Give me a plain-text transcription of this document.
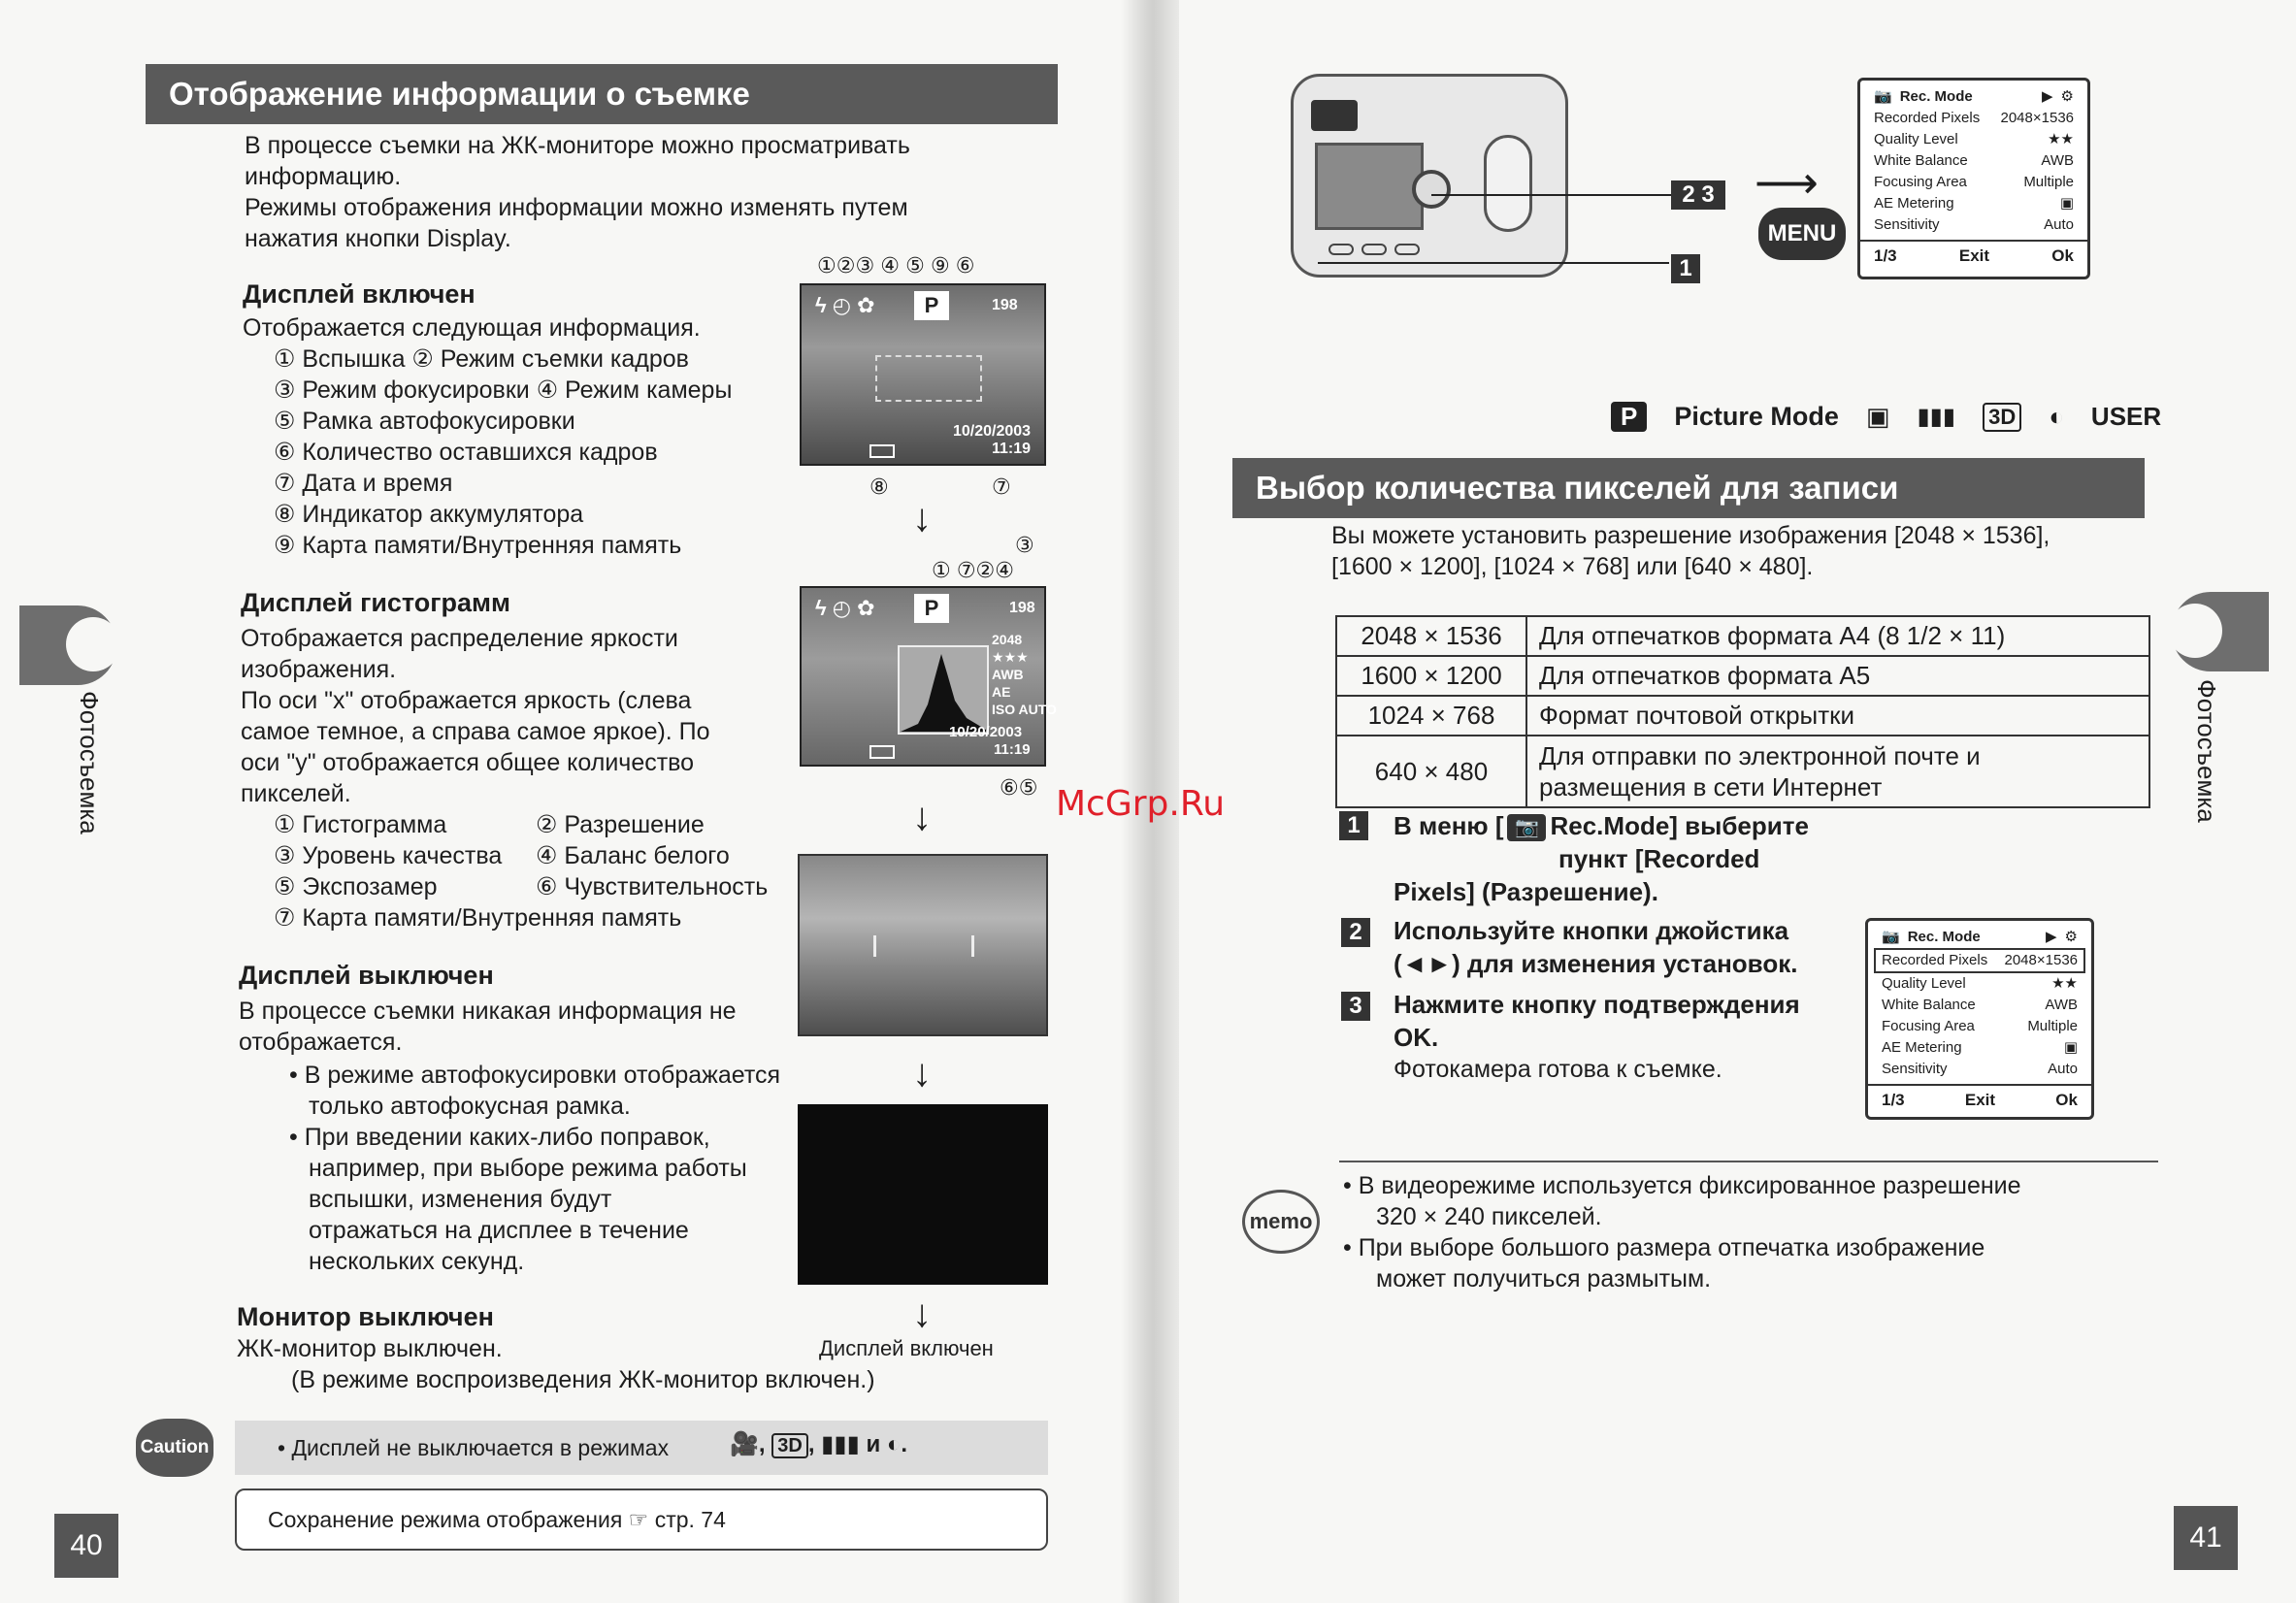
Отображение информации о съемке
В процессе съемки на ЖК-мониторе можно просматривать
информацию.
Режимы отображения информации можно изменять путем
нажатия кнопки Display.
Дисплей включен
Отображается следующая информация.
① Вспышка ② Режим съемки кадров
③ Режим фокусировки ④ Режим камеры
⑤ Рамка автофокусировки
⑥ Количество оставшихся кадров
⑦ Дата и время
⑧ Индикатор аккумулятора
⑨ Карта памяти/Внутренняя память
①②③ ④ ⑤ ⑨ ⑥
ϟ ◴ ✿	P	198
10/20/2003
11:19
⑧	⑦
↓
Дисплей гистограмм
Отображается распределение яркости
изображения.
По оси "x" отображается яркость (слева
самое темное, а справа самое яркое). По
оси "у" отображается общее количество
пикселей.
① Гистограмма	② Разрешение
③ Уровень качества ④ Баланс белого
⑤ Экспозамер	⑥ Чувствительность
⑦ Карта памяти/Внутренняя память
③
① ⑦②④
ϟ ◴ ✿	P	198
2048
★★★
AWB
AE
ISO AUTO
10/20/2003
11:19
⑥⑤
↓
↓
Дисплей выключен
В процессе съемки никакая информация не
отображается.
• В режиме автофокусировки отображается
только автофокусная рамка.
• При введении каких-либо поправок,
например, при выборе режима работы
вспышки, изменения будут
отражаться на дисплее в течение
нескольких секунд.
↓
Дисплей включен
Монитор выключен
ЖК-монитор выключен.
(В режиме воспроизведения ЖК-монитор включен.)
Caution	• Дисплей не выключается в режимах	🎥, 3D , ▮▮▮ и ◐.
Сохранение режима отображения ☞ стр. 74
Фотосъемка
40
2 3
1
⟶
MENU
📷 Rec. Mode	▶ ⚙
Recorded Pixels 2048×1536
Quality Level	★★
White Balance	AWB
Focusing Area	Multiple
AE Metering	▣
Sensitivity	Auto
1/3	Exit	Ok
P	Picture Mode ▣ ▮▮▮ 3D ◐ USER
Выбор количества пикселей для записи
Вы можете установить разрешение изображения [2048 × 1536],
[1600 × 1200], [1024 × 768] или [640 × 480].
2048 × 1536	Для отпечатков формата А4 (8 1/2 × 11)
1600 × 1200	Для отпечатков формата А5
1024 × 768	Формат почтовой открытки
640 × 480	Для отправки по электронной почте и
размещения в сети Интернет
1	В меню [ 📷 Rec.Mode] выберите
пункт [Recorded
Pixels] (Разрешение).
2	Используйте кнопки джойстика
(◄►) для изменения установок.
3	Нажмите кнопку подтверждения
OK.
Фотокамера готова к съемке.
📷 Rec. Mode	▶ ⚙
Recorded Pixels 2048×1536
Quality Level	★★
White Balance	AWB
Focusing Area	Multiple
AE Metering	▣
Sensitivity	Auto
1/3	Exit	Ok
memo
• В видеорежиме используется фиксированное разрешение
320 × 240 пикселей.
• При выборе большого размера отпечатка изображение
может получиться размытым.
McGrp.Ru	Фотосъемка
41
